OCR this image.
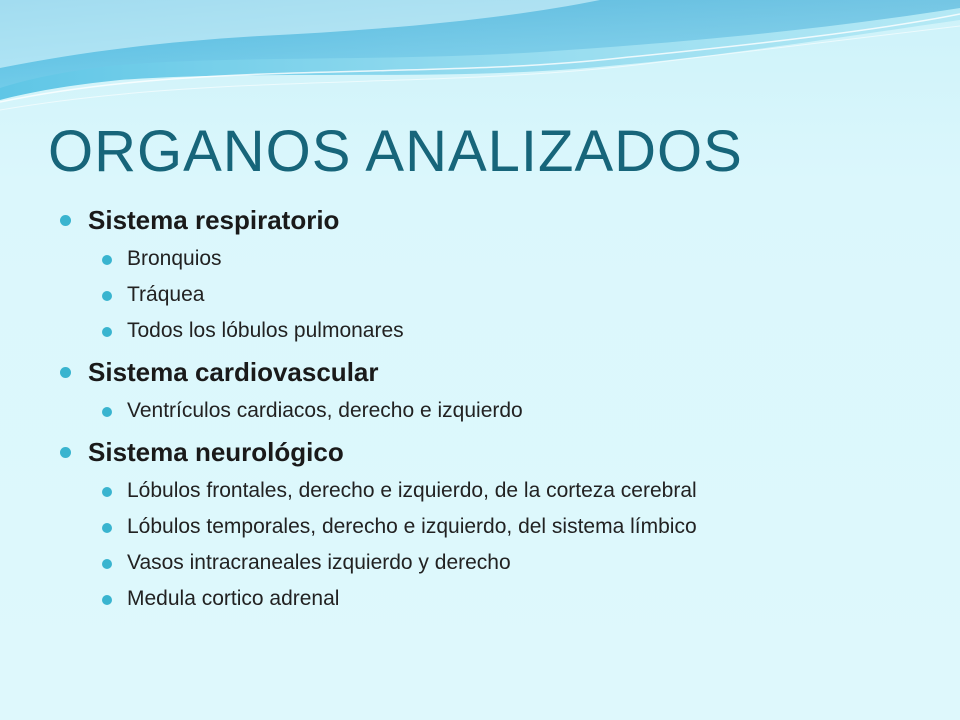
ORGANOS ANALIZADOS
Sistema respiratorio
Bronquios
Tráquea
Todos los lóbulos pulmonares
Sistema cardiovascular
Ventrículos cardiacos, derecho e izquierdo
Sistema neurológico
Lóbulos frontales, derecho e izquierdo, de la corteza cerebral
Lóbulos temporales, derecho e izquierdo, del sistema límbico
Vasos intracraneales izquierdo y derecho
Medula cortico adrenal
